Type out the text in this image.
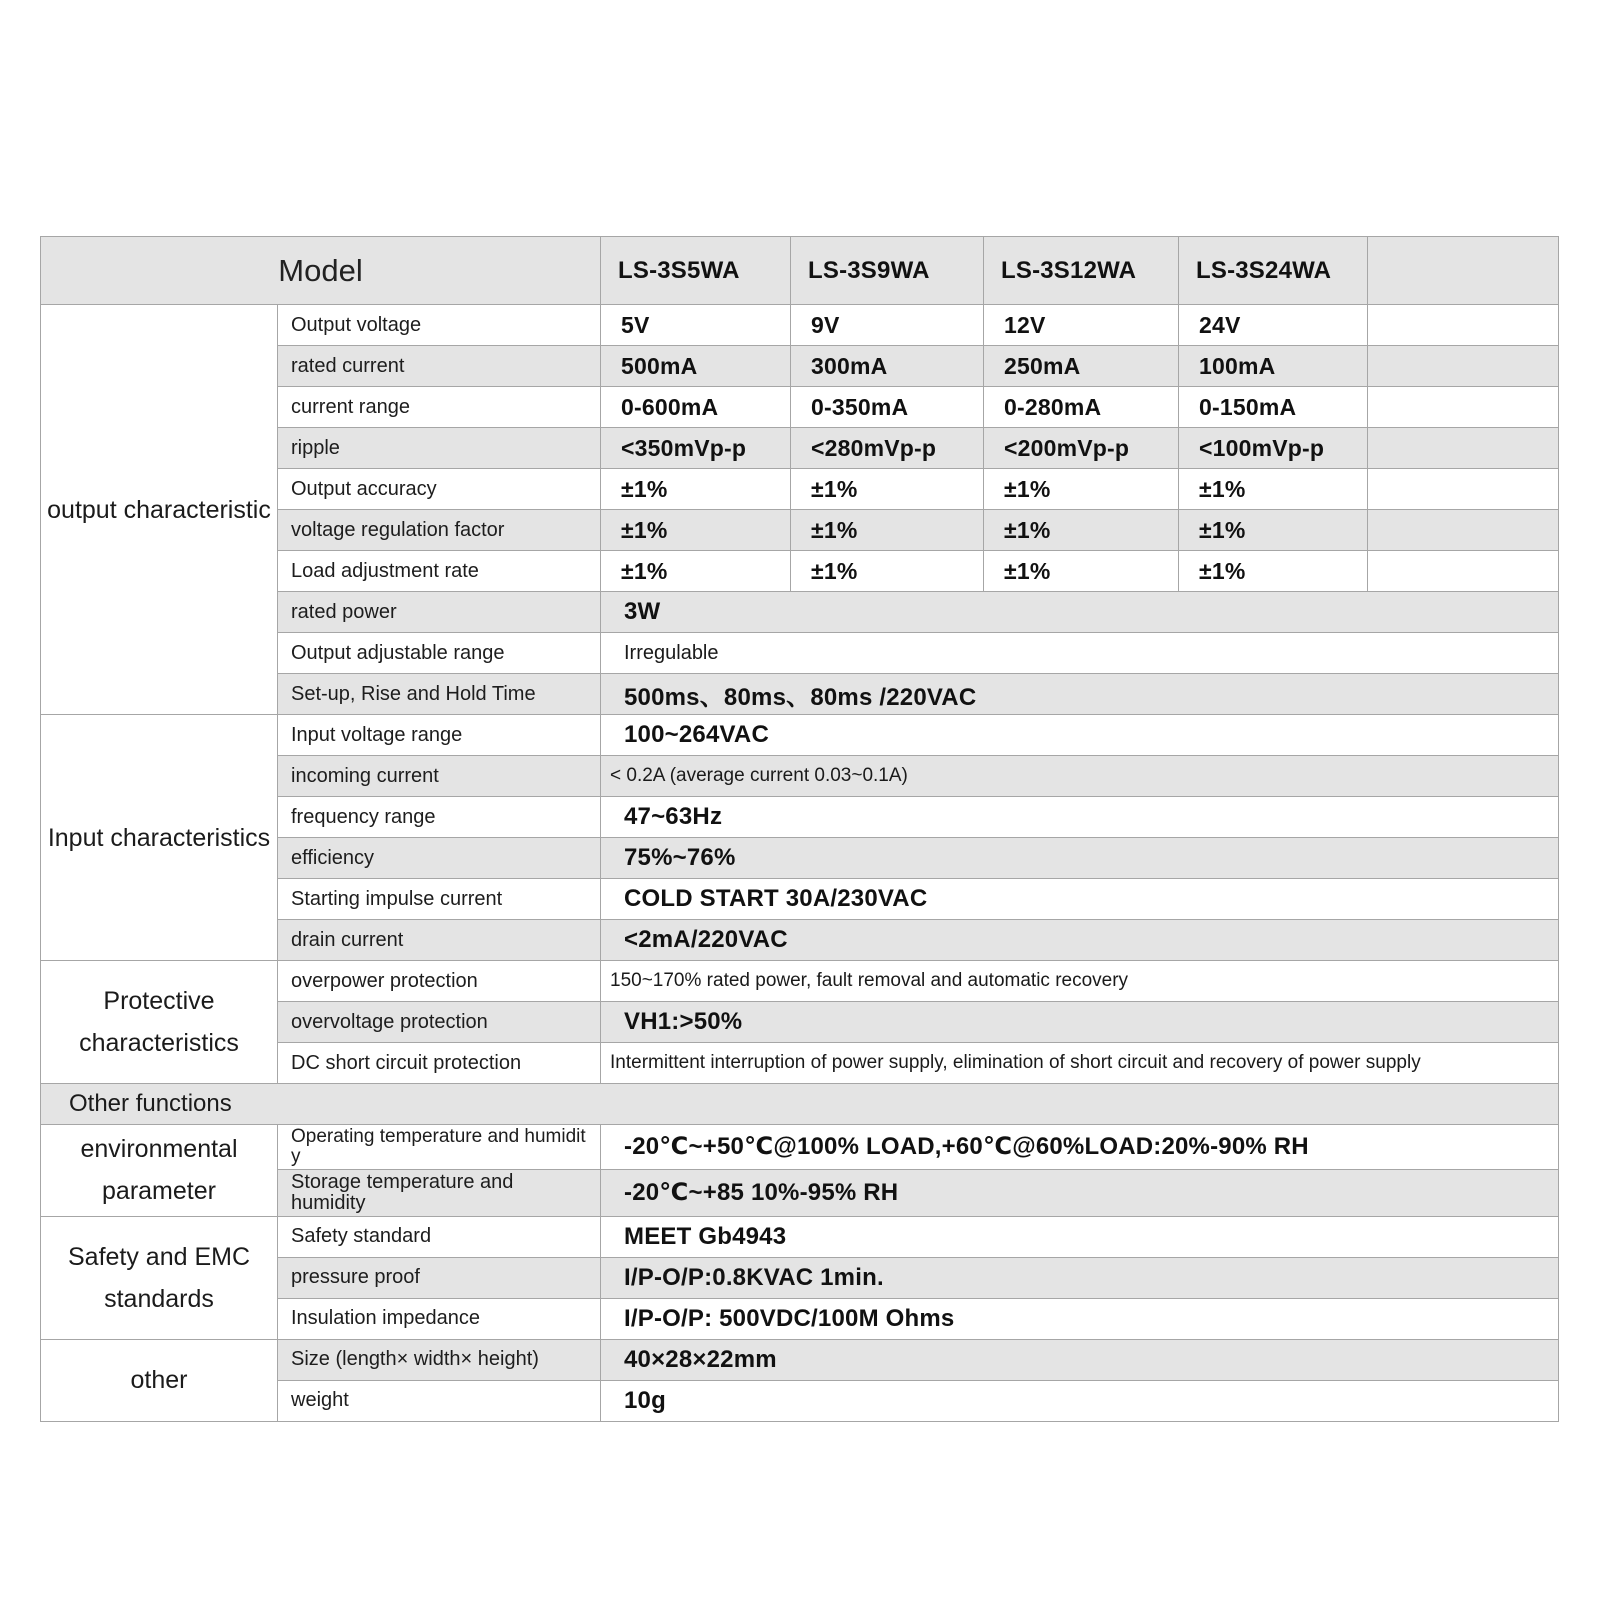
Model		LS-3S5WA	LS-3S9WA	LS-3S12WA	LS-3S24WA	
output characteristic	Output voltage	5V	9V	12V	24V	
	rated current	500mA	300mA	250mA	100mA	
	current range	0-600mA	0-350mA	0-280mA	0-150mA	
	ripple	<350mVp-p	<280mVp-p	<200mVp-p	<100mVp-p	
	Output accuracy	±1%	±1%	±1%	±1%	
	voltage regulation factor	±1%	±1%	±1%	±1%	
	Load adjustment rate	±1%	±1%	±1%	±1%	
	rated power	3W				
	Output adjustable range	Irregulable				
	Set-up, Rise and Hold Time	500ms、80ms、80ms /220VAC				
Input characteristics	Input voltage range	100~264VAC				
	incoming current	< 0.2A (average current 0.03~0.1A)				
	frequency range	47~63Hz				
	efficiency	75%~76%				
	Starting impulse current	COLD START 30A/230VAC				
	drain current	<2mA/220VAC				
Protective characteristics	overpower protection	150~170% rated power, fault removal and automatic recovery				
	overvoltage protection	VH1:>50%				
	DC short circuit protection	Intermittent interruption of power supply, elimination of short circuit and recovery of power supply				
Other functions						
environmental parameter	Operating temperature and humidity	-20℃~+50℃@100% LOAD,+60℃@60%LOAD:20%-90% RH				
	Storage temperature and humidity	-20℃~+85 10%-95% RH				
Safety and EMC standards	Safety standard	MEET Gb4943				
	pressure proof	I/P-O/P:0.8KVAC 1min.				
	Insulation impedance	I/P-O/P: 500VDC/100M Ohms				
other	Size (length× width× height)	40×28×22mm				
	weight	10g				
